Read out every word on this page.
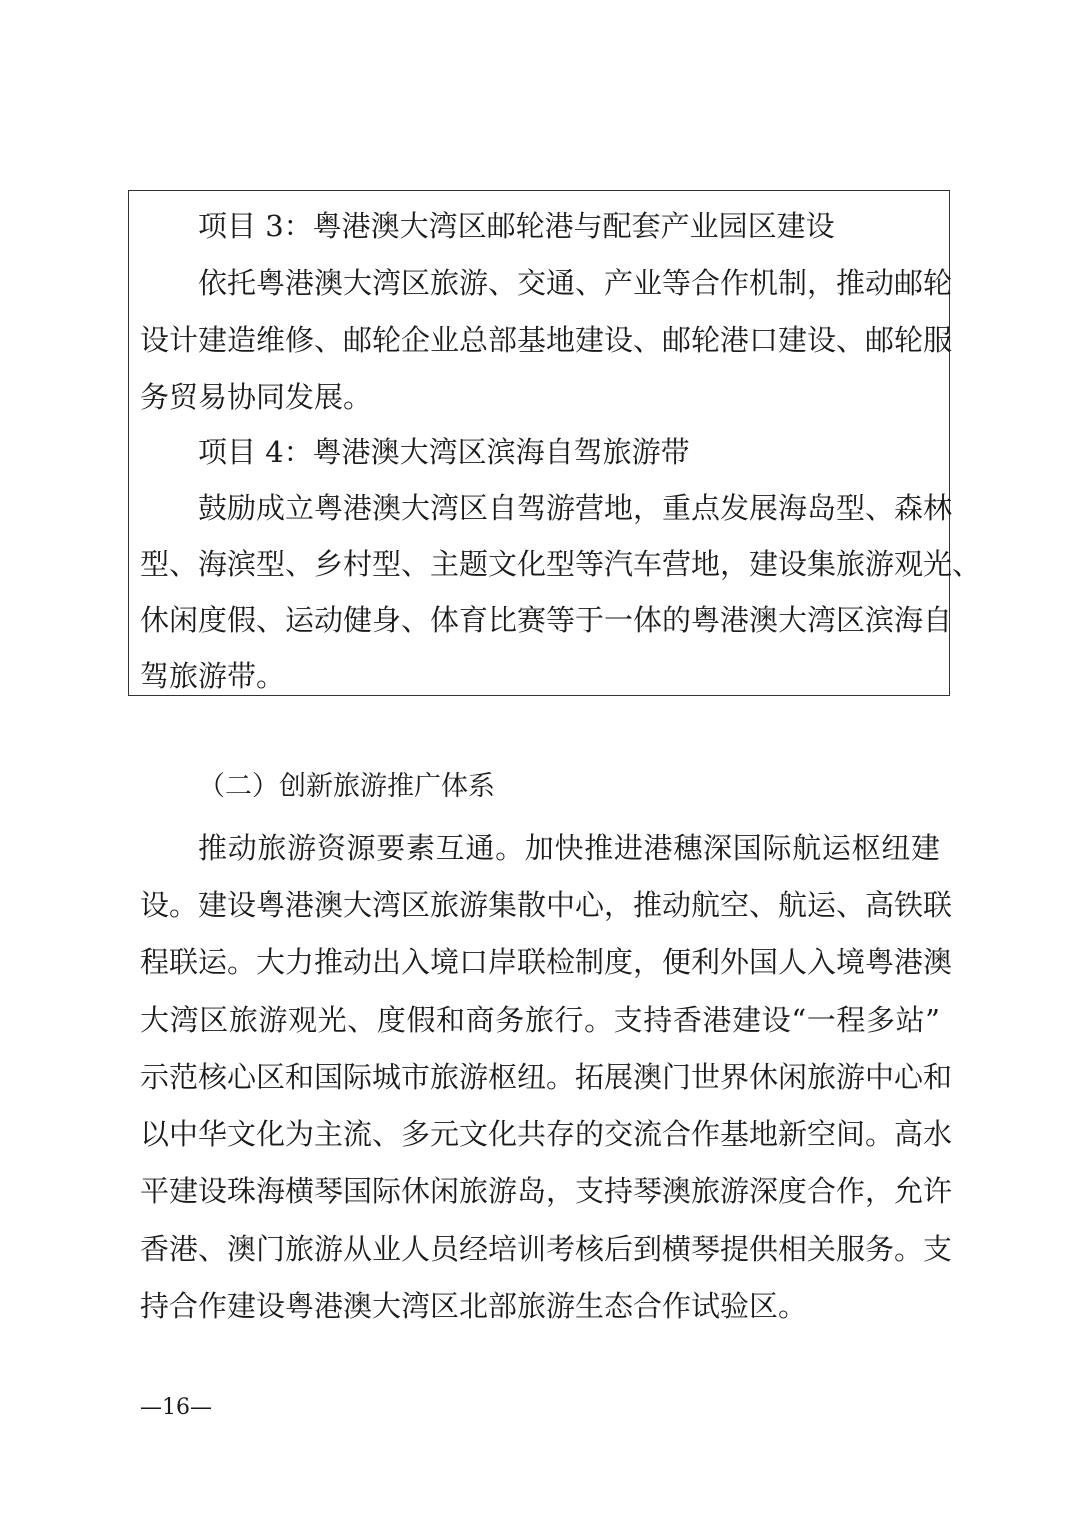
项目 3：粤港澳大湾区邮轮港与配套产业园区建设
依托粤港澳大湾区旅游、交通、产业等合作机制，推动邮轮
设计建造维修、邮轮企业总部基地建设、邮轮港口建设、邮轮服
务贸易协同发展。
项目 4：粤港澳大湾区滨海自驾旅游带
鼓励成立粤港澳大湾区自驾游营地，重点发展海岛型、森林
型、海滨型、乡村型、主题文化型等汽车营地，建设集旅游观光、
休闲度假、运动健身、体育比赛等于一体的粤港澳大湾区滨海自
驾旅游带。
（二）创新旅游推广体系
推动旅游资源要素互通。加快推进港穗深国际航运枢纽建
设。建设粤港澳大湾区旅游集散中心，推动航空、航运、高铁联
程联运。大力推动出入境口岸联检制度，便利外国人入境粤港澳
大湾区旅游观光、度假和商务旅行。支持香港建设“一程多站”
示范核心区和国际城市旅游枢纽。拓展澳门世界休闲旅游中心和
以中华文化为主流、多元文化共存的交流合作基地新空间。高水
平建设珠海横琴国际休闲旅游岛，支持琴澳旅游深度合作，允许
香港、澳门旅游从业人员经培训考核后到横琴提供相关服务。支
持合作建设粤港澳大湾区北部旅游生态合作试验区。
—16—
